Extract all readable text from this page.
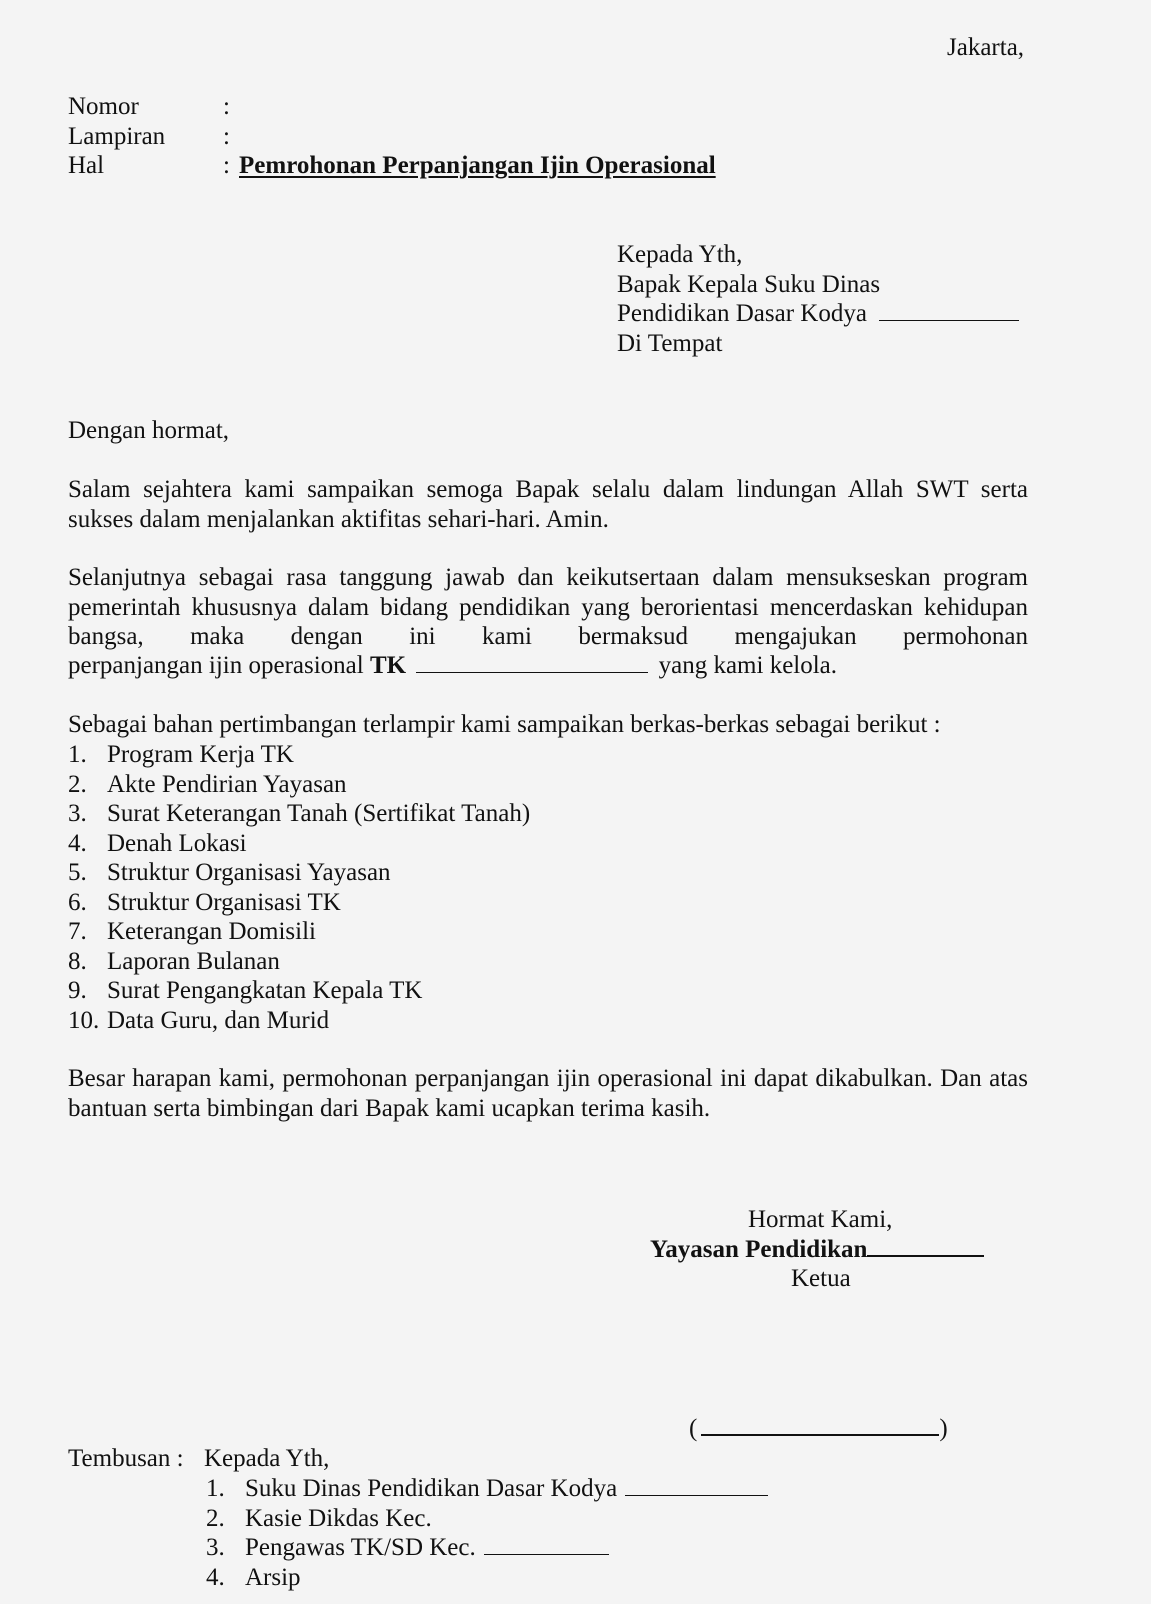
Jakarta,
Nomor	:
Lampiran :
Hal	: Pemrohonan Perpanjangan Ijin Operasional
Kepada Yth,
Bapak Kepala Suku Dinas
Pendidikan Dasar Kodya
Di Tempat
Dengan hormat,
Salam sejahtera kami sampaikan semoga Bapak selalu dalam lindungan Allah SWT serta sukses dalam menjalankan aktifitas sehari-hari. Amin.
Selanjutnya sebagai rasa tanggung jawab dan keikutsertaan dalam mensukseskan program pemerintah khususnya dalam bidang pendidikan yang berorientasi mencerdaskan kehidupan bangsa, maka dengan ini kami bermaksud mengajukan permohonan
perpanjangan ijin operasional TK	yang kami kelola.
Sebagai bahan pertimbangan terlampir kami sampaikan berkas-berkas sebagai berikut :
1. Program Kerja TK
2. Akte Pendirian Yayasan
3. Surat Keterangan Tanah (Sertifikat Tanah)
4. Denah Lokasi
5. Struktur Organisasi Yayasan
6. Struktur Organisasi TK
7. Keterangan Domisili
8. Laporan Bulanan
9. Surat Pengangkatan Kepala TK
10. Data Guru, dan Murid
Besar harapan kami, permohonan perpanjangan ijin operasional ini dapat dikabulkan. Dan atas bantuan serta bimbingan dari Bapak kami ucapkan terima kasih.
Hormat Kami,
Yayasan Pendidikan
Ketua
(	)
Tembusan : Kepada Yth,
1. Suku Dinas Pendidikan Dasar Kodya
2. Kasie Dikdas Kec.
3. Pengawas TK/SD Kec.
4. Arsip
